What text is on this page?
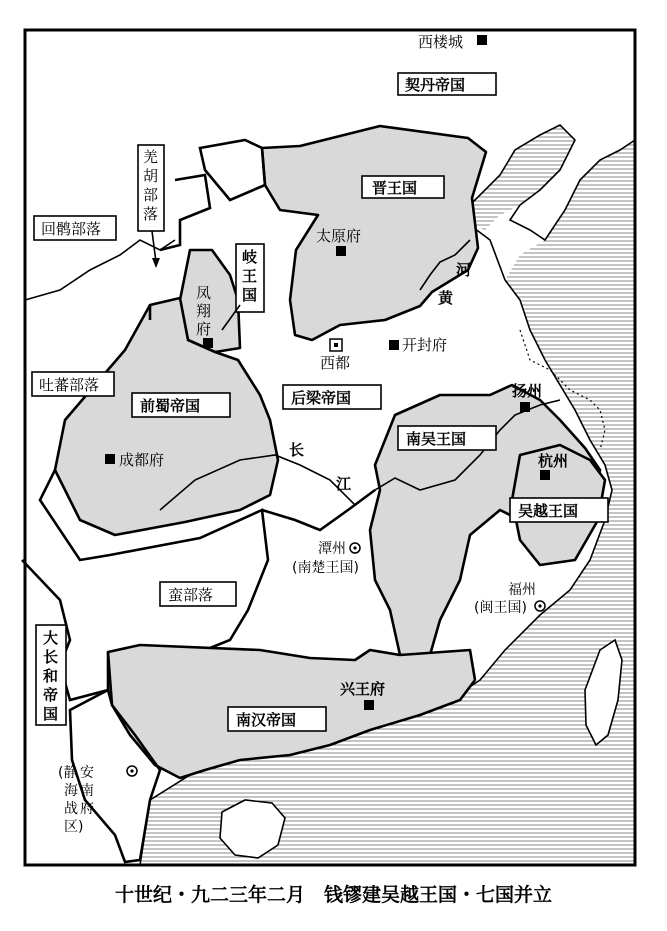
契丹帝国
晋王国
岐
王
国
前蜀帝国	后梁帝国
南吴王国
吴越王国
南汉帝国
大
长
和
帝
国
蛮部落
回鹘部落
吐蕃部落
羌
胡
部
落
西楼城
太原府
凤
翔
府
西都
开封府
成都府
扬州
杭州
潭州
(南楚王国)
福州
(闽王国)
兴王府
安
南
府
(静
海
战
区)
河
黄
长
江
十世纪・九二三年二月　钱镠建吴越王国・七国并立
